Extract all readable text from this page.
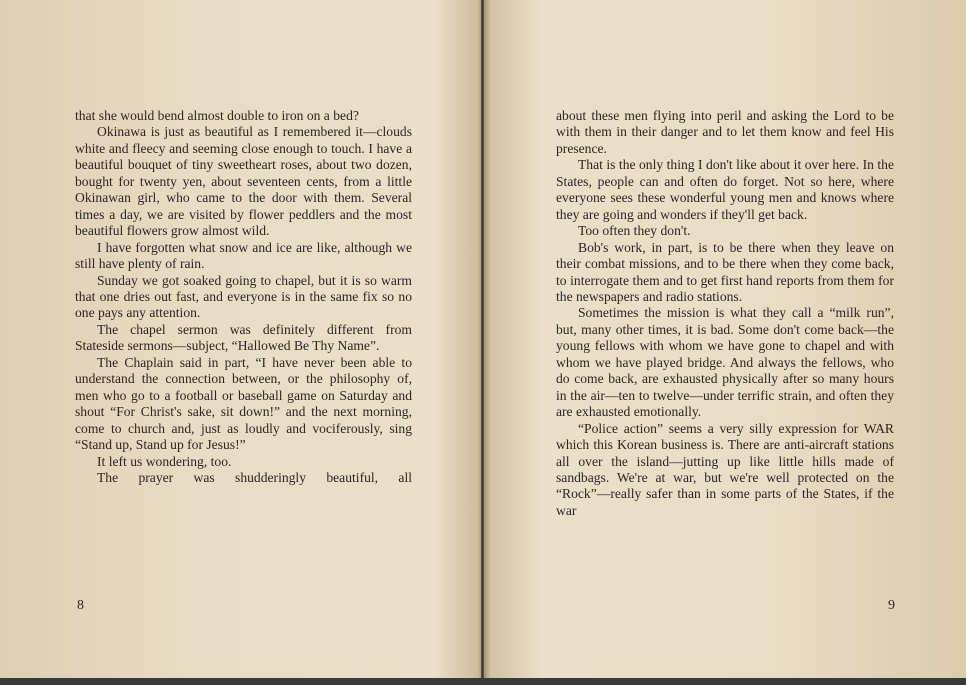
that she would bend almost double to iron on a bed?

Okinawa is just as beautiful as I remembered it—clouds white and fleecy and seeming close enough to touch. I have a beautiful bouquet of tiny sweetheart roses, about two dozen, bought for twenty yen, about seventeen cents, from a little Okinawan girl, who came to the door with them. Several times a day, we are visited by flower peddlers and the most beautiful flowers grow almost wild.

I have forgotten what snow and ice are like, although we still have plenty of rain.

Sunday we got soaked going to chapel, but it is so warm that one dries out fast, and everyone is in the same fix so no one pays any attention.

The chapel sermon was definitely different from Stateside sermons—subject, “Hallowed Be Thy Name”.

The Chaplain said in part, “I have never been able to understand the connection between, or the philosophy of, men who go to a football or baseball game on Saturday and shout “For Christ's sake, sit down!” and the next morning, come to church and, just as loudly and vociferously, sing “Stand up, Stand up for Jesus!”

It left us wondering, too.

The prayer was shudderingly beautiful, all

8

about these men flying into peril and asking the Lord to be with them in their danger and to let them know and feel His presence.

That is the only thing I don't like about it over here. In the States, people can and often do forget. Not so here, where everyone sees these wonderful young men and knows where they are going and wonders if they'll get back.

Too often they don't.

Bob's work, in part, is to be there when they leave on their combat missions, and to be there when they come back, to interrogate them and to get first hand reports from them for the newspapers and radio stations.

Sometimes the mission is what they call a “milk run”, but, many other times, it is bad. Some don't come back—the young fellows with whom we have gone to chapel and with whom we have played bridge. And always the fellows, who do come back, are exhausted physically after so many hours in the air—ten to twelve—under terrific strain, and often they are exhausted emotionally.

“Police action” seems a very silly expression for WAR which this Korean business is. There are anti-aircraft stations all over the island—jutting up like little hills made of sandbags. We're at war, but we're well protected on the “Rock”—really safer than in some parts of the States, if the war

9
